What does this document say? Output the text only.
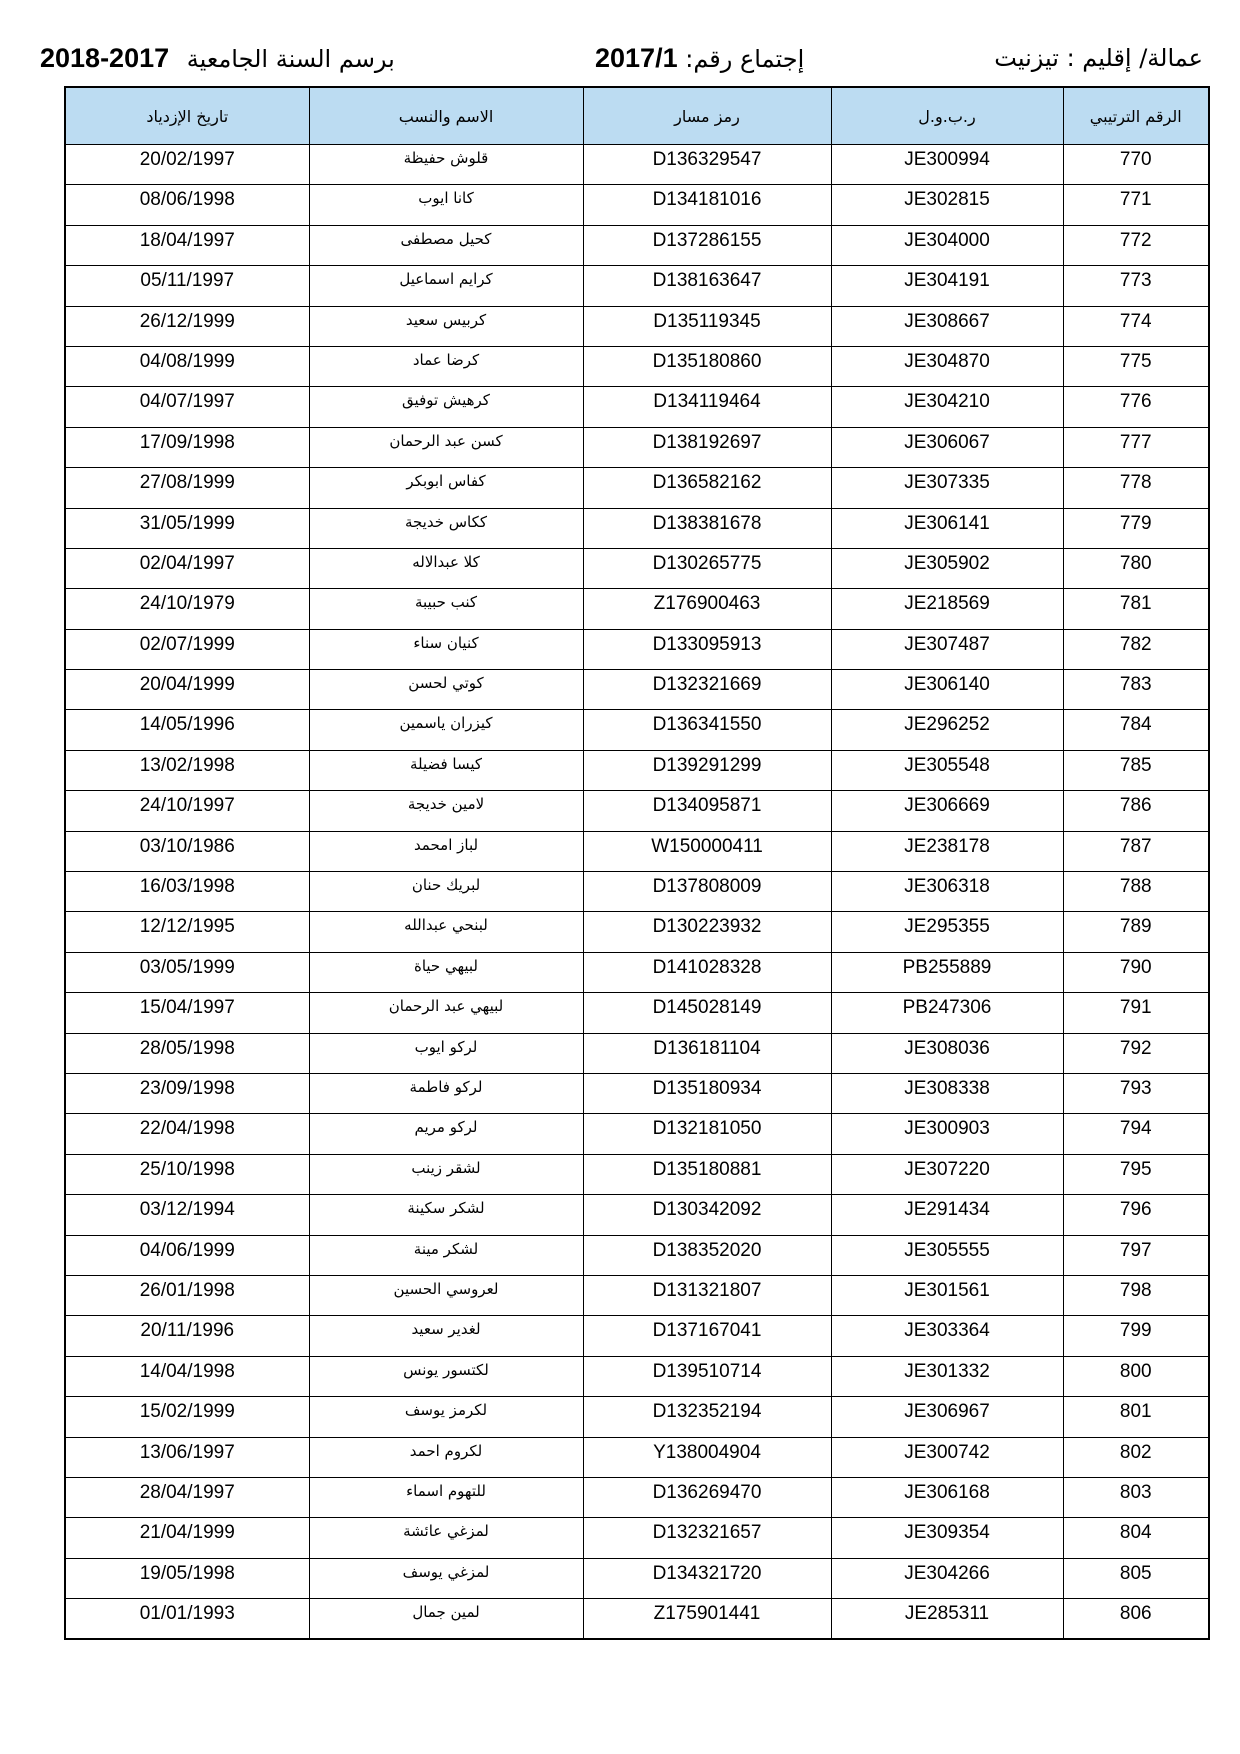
عمالة/ إقليم : تيزنيت
إجتماع رقم: 2017/1
2018-2017 برسم السنة الجامعية
الرقم الترتيبي	ر.ب.و.ل	رمز مسار	الاسم والنسب	تاريخ الإزدياد
770	JE300994	D136329547	قلوش حفيظة	20/02/1997
771	JE302815	D134181016	كانا ايوب	08/06/1998
772	JE304000	D137286155	كحيل مصطفى	18/04/1997
773	JE304191	D138163647	كرايم اسماعيل	05/11/1997
774	JE308667	D135119345	كربيس سعيد	26/12/1999
775	JE304870	D135180860	كرضا عماد	04/08/1999
776	JE304210	D134119464	كرهيش توفيق	04/07/1997
777	JE306067	D138192697	كسن عبد الرحمان	17/09/1998
778	JE307335	D136582162	كفاس ابوبكر	27/08/1999
779	JE306141	D138381678	ككاس خديجة	31/05/1999
780	JE305902	D130265775	كلا عبدالاله	02/04/1997
781	JE218569	Z176900463	كنب حبيبة	24/10/1979
782	JE307487	D133095913	كنيان سناء	02/07/1999
783	JE306140	D132321669	كوتي لحسن	20/04/1999
784	JE296252	D136341550	كيزران ياسمين	14/05/1996
785	JE305548	D139291299	كيسا فضيلة	13/02/1998
786	JE306669	D134095871	لامين خديجة	24/10/1997
787	JE238178	W150000411	لباز امحمد	03/10/1986
788	JE306318	D137808009	لبريك حنان	16/03/1998
789	JE295355	D130223932	لبنحي عبدالله	12/12/1995
790	PB255889	D141028328	لبيهي حياة	03/05/1999
791	PB247306	D145028149	لبيهي عبد الرحمان	15/04/1997
792	JE308036	D136181104	لركو ايوب	28/05/1998
793	JE308338	D135180934	لركو فاطمة	23/09/1998
794	JE300903	D132181050	لركو مريم	22/04/1998
795	JE307220	D135180881	لشقر زينب	25/10/1998
796	JE291434	D130342092	لشكر سكينة	03/12/1994
797	JE305555	D138352020	لشكر مينة	04/06/1999
798	JE301561	D131321807	لعروسي الحسين	26/01/1998
799	JE303364	D137167041	لغدير سعيد	20/11/1996
800	JE301332	D139510714	لكتسور يونس	14/04/1998
801	JE306967	D132352194	لكرمز يوسف	15/02/1999
802	JE300742	Y138004904	لكروم احمد	13/06/1997
803	JE306168	D136269470	للتهوم اسماء	28/04/1997
804	JE309354	D132321657	لمزغي عائشة	21/04/1999
805	JE304266	D134321720	لمزغي يوسف	19/05/1998
806	JE285311	Z175901441	لمين جمال	01/01/1993
